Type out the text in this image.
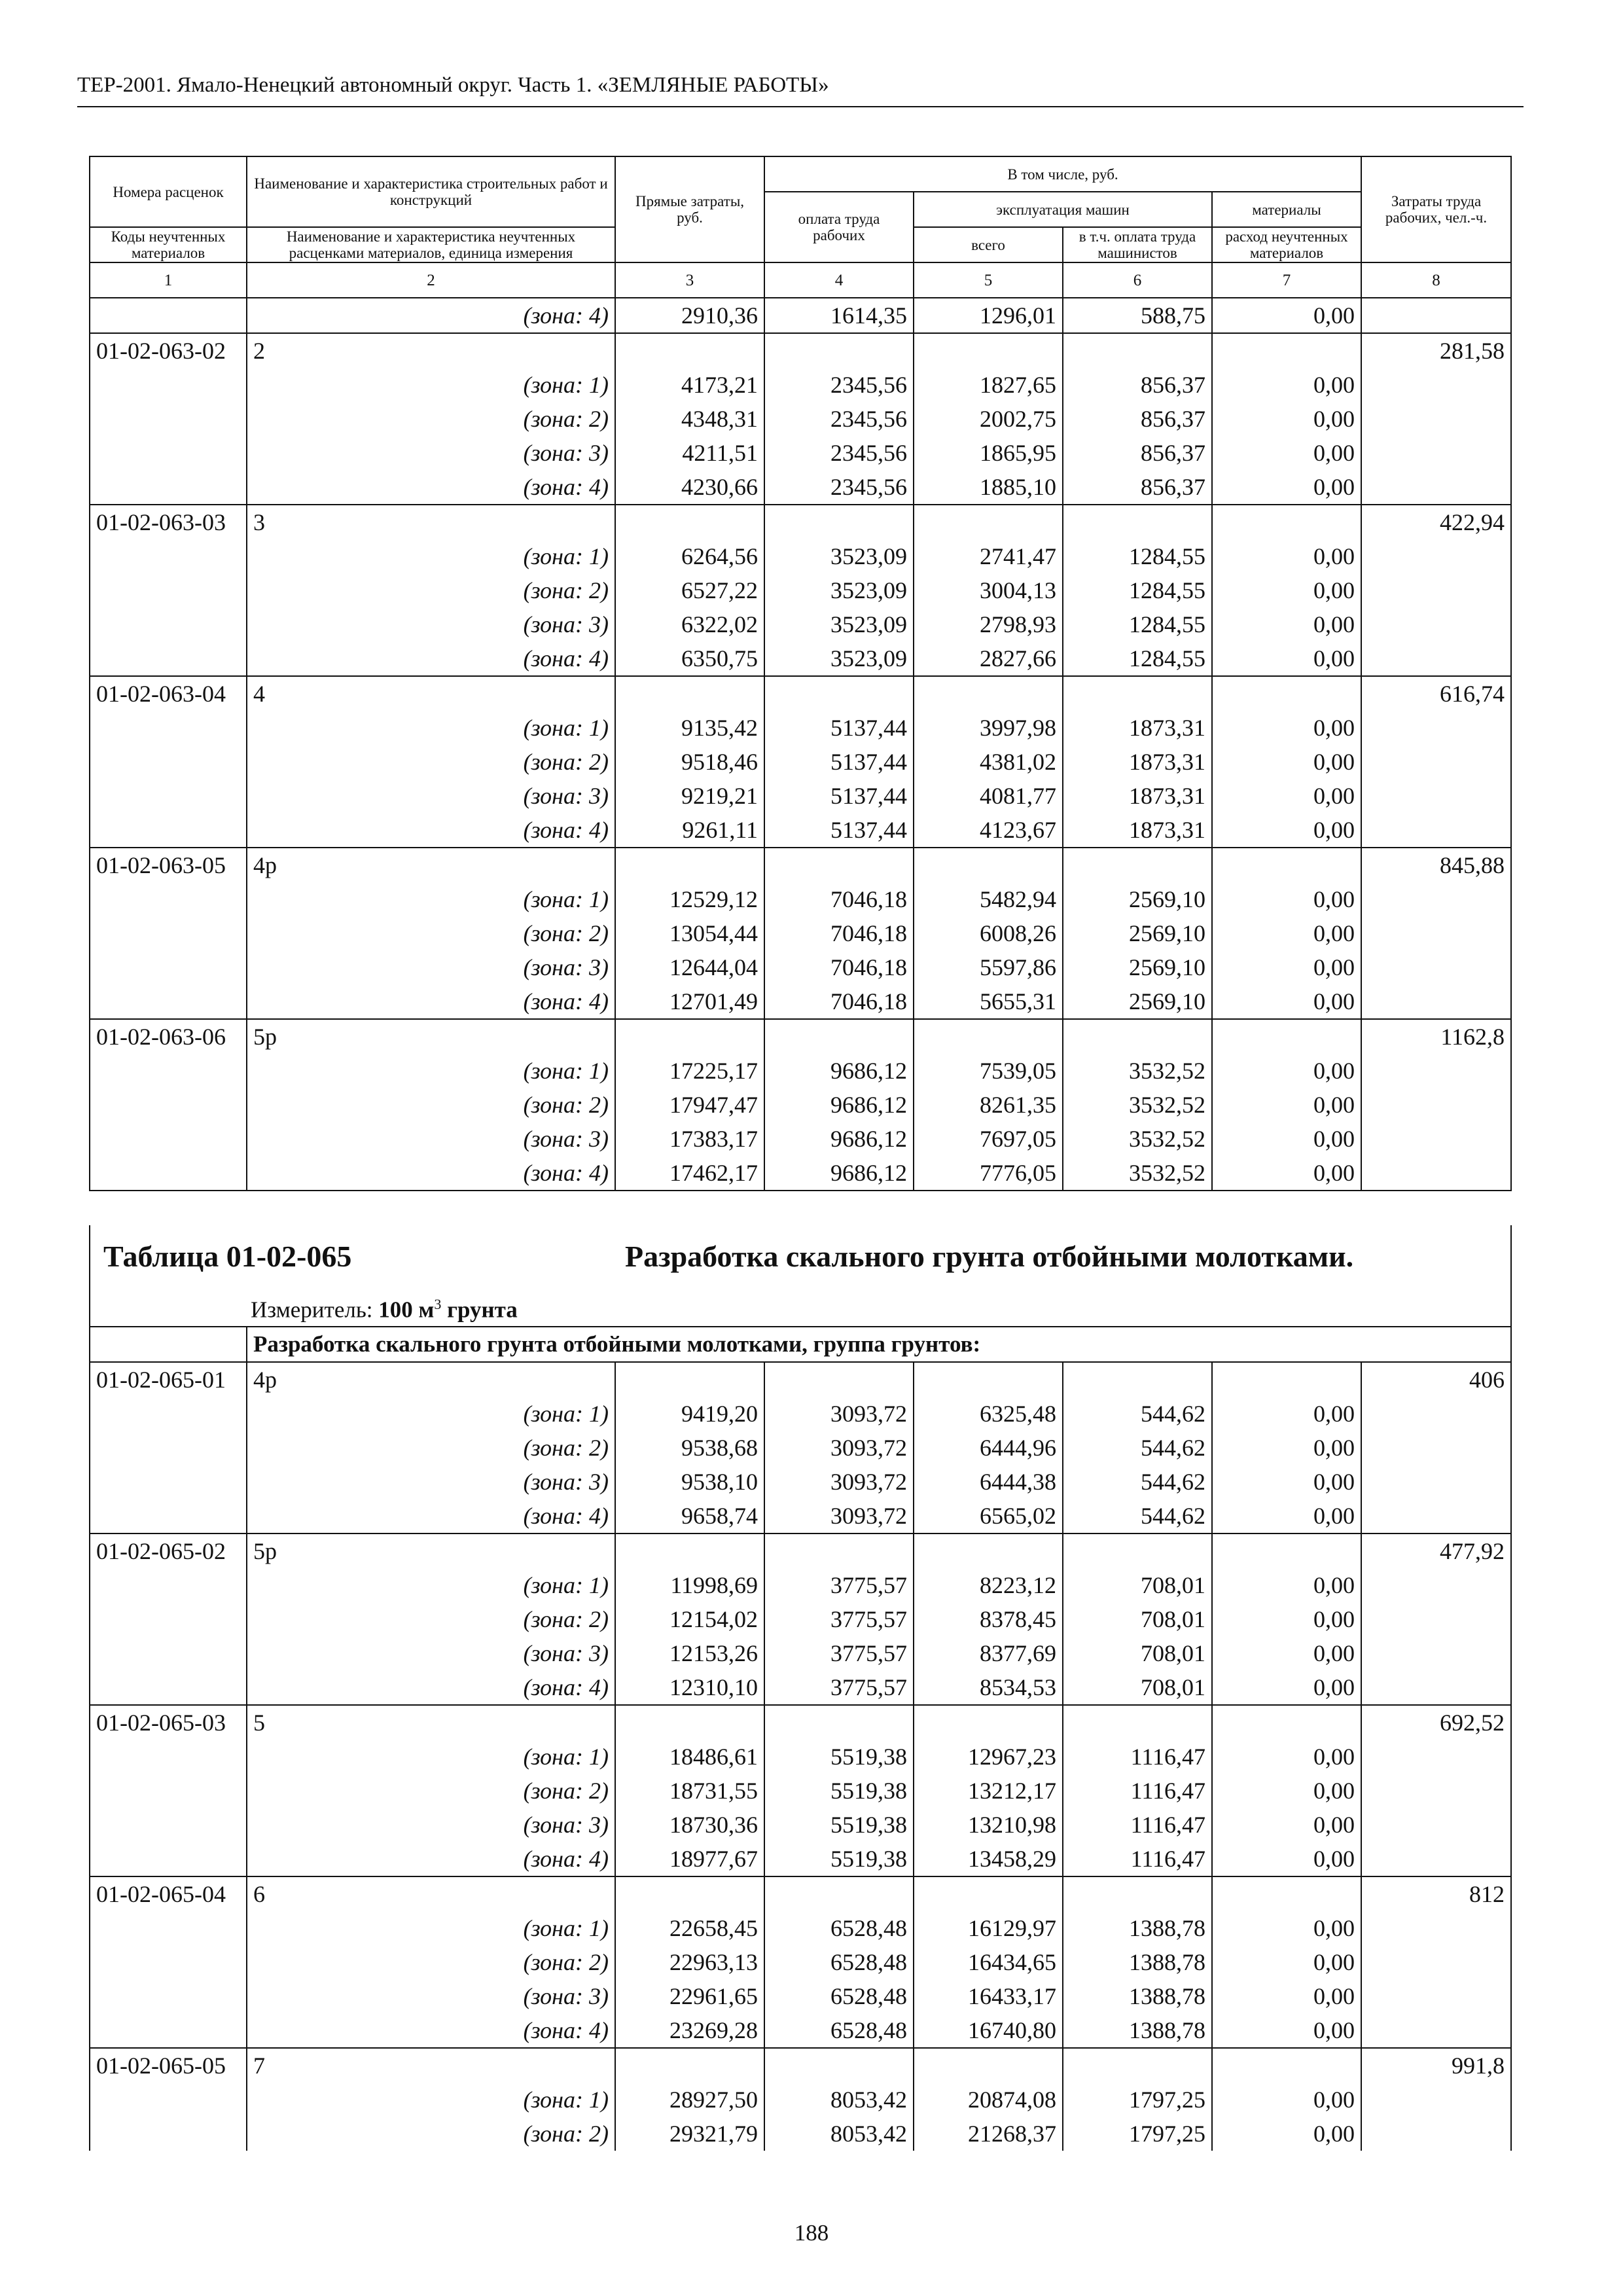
ТЕР-2001. Ямало-Ненецкий автономный округ. Часть 1. «ЗЕМЛЯНЫЕ РАБОТЫ»
Номера расценок	Наименование и характеристика строительных работ и конструкций	Прямые затраты, руб.	В том числе, руб.				Затраты труда рабочих, чел.-ч.
			оплата труда рабочих	эксплуатация машин		материалы	
Коды неучтенных материалов	Наименование и характеристика неучтенных расценками материалов, единица измерения			всего	в т.ч. оплата труда машинистов	расход неучтенных материалов	
1	2	3	4	5	6	7	8
	(зона: 4)	2910,36	1614,35	1296,01	588,75	0,00	
01-02-063-02	2						281,58
	(зона: 1)	4173,21	2345,56	1827,65	856,37	0,00	
	(зона: 2)	4348,31	2345,56	2002,75	856,37	0,00	
	(зона: 3)	4211,51	2345,56	1865,95	856,37	0,00	
	(зона: 4)	4230,66	2345,56	1885,10	856,37	0,00	
01-02-063-03	3						422,94
	(зона: 1)	6264,56	3523,09	2741,47	1284,55	0,00	
	(зона: 2)	6527,22	3523,09	3004,13	1284,55	0,00	
	(зона: 3)	6322,02	3523,09	2798,93	1284,55	0,00	
	(зона: 4)	6350,75	3523,09	2827,66	1284,55	0,00	
01-02-063-04	4						616,74
	(зона: 1)	9135,42	5137,44	3997,98	1873,31	0,00	
	(зона: 2)	9518,46	5137,44	4381,02	1873,31	0,00	
	(зона: 3)	9219,21	5137,44	4081,77	1873,31	0,00	
	(зона: 4)	9261,11	5137,44	4123,67	1873,31	0,00	
01-02-063-05	4р						845,88
	(зона: 1)	12529,12	7046,18	5482,94	2569,10	0,00	
	(зона: 2)	13054,44	7046,18	6008,26	2569,10	0,00	
	(зона: 3)	12644,04	7046,18	5597,86	2569,10	0,00	
	(зона: 4)	12701,49	7046,18	5655,31	2569,10	0,00	
01-02-063-06	5р						1162,8
	(зона: 1)	17225,17	9686,12	7539,05	3532,52	0,00	
	(зона: 2)	17947,47	9686,12	8261,35	3532,52	0,00	
	(зона: 3)	17383,17	9686,12	7697,05	3532,52	0,00	
	(зона: 4)	17462,17	9686,12	7776,05	3532,52	0,00	

Таблица 01-02-065 Разработка скального грунта отбойными молотками.
Измеритель: 100 $м^3$ грунта							

	Разработка скального грунта отбойными молотками, группа грунтов:						
01-02-065-01	4р						406
	(зона: 1)	9419,20	3093,72	6325,48	544,62	0,00	
	(зона: 2)	9538,68	3093,72	6444,96	544,62	0,00	
	(зона: 3)	9538,10	3093,72	6444,38	544,62	0,00	
	(зона: 4)	9658,74	3093,72	6565,02	544,62	0,00	
01-02-065-02	5р						477,92
	(зона: 1)	11998,69	3775,57	8223,12	708,01	0,00	
	(зона: 2)	12154,02	3775,57	8378,45	708,01	0,00	
	(зона: 3)	12153,26	3775,57	8377,69	708,01	0,00	
	(зона: 4)	12310,10	3775,57	8534,53	708,01	0,00	
01-02-065-03	5						692,52
	(зона: 1)	18486,61	5519,38	12967,23	1116,47	0,00	
	(зона: 2)	18731,55	5519,38	13212,17	1116,47	0,00	
	(зона: 3)	18730,36	5519,38	13210,98	1116,47	0,00	
	(зона: 4)	18977,67	5519,38	13458,29	1116,47	0,00	
01-02-065-04	6						812
	(зона: 1)	22658,45	6528,48	16129,97	1388,78	0,00	
	(зона: 2)	22963,13	6528,48	16434,65	1388,78	0,00	
	(зона: 3)	22961,65	6528,48	16433,17	1388,78	0,00	
	(зона: 4)	23269,28	6528,48	16740,80	1388,78	0,00	
01-02-065-05	7						991,8
	(зона: 1)	28927,50	8053,42	20874,08	1797,25	0,00	
	(зона: 2)	29321,79	8053,42	21268,37	1797,25	0,00	
188
